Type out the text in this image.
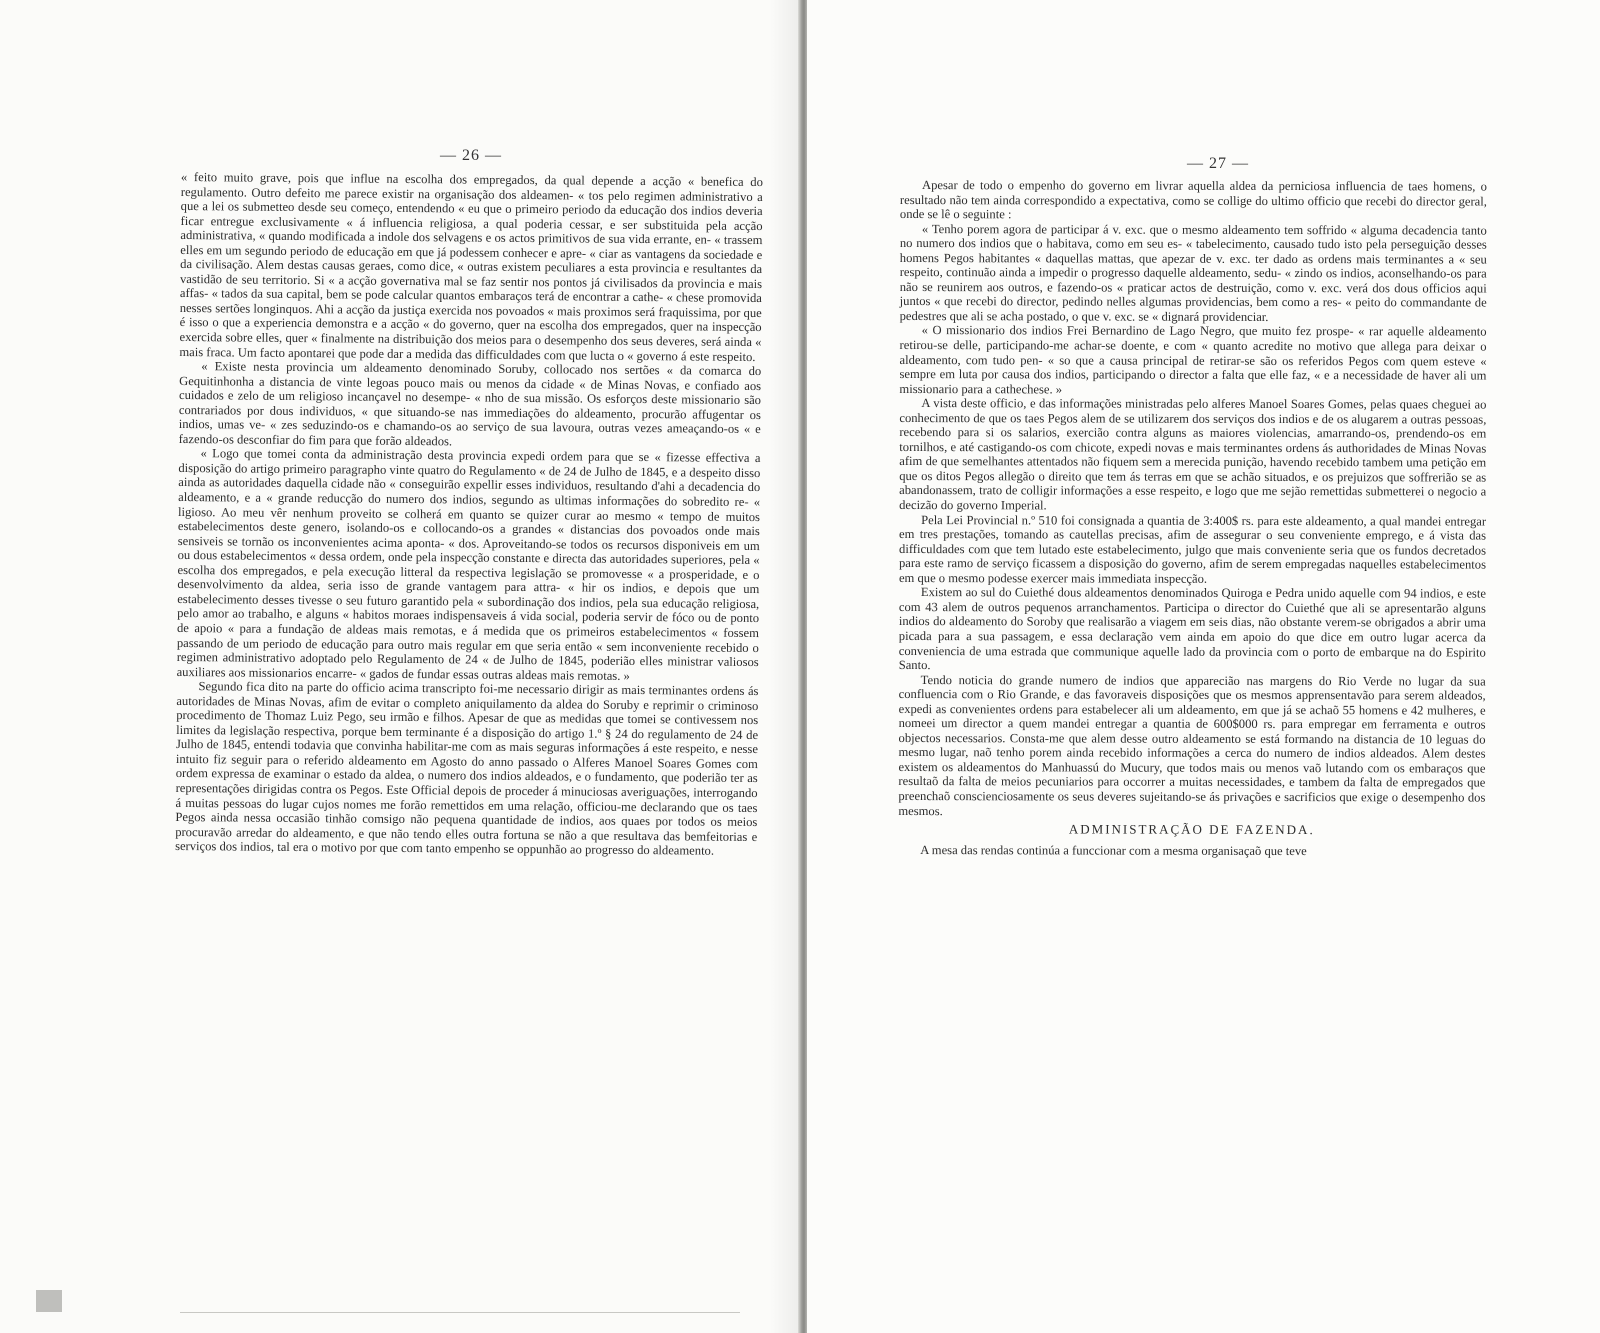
— 26 —

« feito muito grave, pois que influe na escolha dos empregados, da qual depende a acção « benefica do regulamento. Outro defeito me parece existir na organisação dos aldeamen- « tos pelo regimen administrativo a que a lei os submetteo desde seu começo, entendendo « eu que o primeiro periodo da educação dos indios deveria ficar entregue exclusivamente « á influencia religiosa, a qual poderia cessar, e ser substituida pela acção administrativa, « quando modificada a indole dos selvagens e os actos primitivos de sua vida errante, en- « trassem elles em um segundo periodo de educação em que já podessem conhecer e apre- « ciar as vantagens da sociedade e da civilisação. Alem destas causas geraes, como dice, « outras existem peculiares a esta provincia e resultantes da vastidão de seu territorio. Si « a acção governativa mal se faz sentir nos pontos já civilisados da provincia e mais affas- « tados da sua capital, bem se pode calcular quantos embaraços terá de encontrar a cathe- « chese promovida nesses sertões longinquos. Ahi a acção da justiça exercida nos povoados « mais proximos será fraquissima, por que é isso o que a experiencia demonstra e a acção « do governo, quer na escolha dos empregados, quer na inspecção exercida sobre elles, quer « finalmente na distribuição dos meios para o desempenho dos seus deveres, será ainda « mais fraca. Um facto apontarei que pode dar a medida das difficuldades com que lucta o « governo á este respeito.

« Existe nesta provincia um aldeamento denominado Soruby, collocado nos sertões « da comarca do Gequitinhonha a distancia de vinte legoas pouco mais ou menos da cidade « de Minas Novas, e confiado aos cuidados e zelo de um religioso incançavel no desempe- « nho de sua missão. Os esforços deste missionario são contrariados por dous individuos, « que situando-se nas immediações do aldeamento, procurão affugentar os indios, umas ve- « zes seduzindo-os e chamando-os ao serviço de sua lavoura, outras vezes ameaçando-os « e fazendo-os desconfiar do fim para que forão aldeados.

« Logo que tomei conta da administração desta provincia expedi ordem para que se « fizesse effectiva a disposição do artigo primeiro paragrapho vinte quatro do Regulamento « de 24 de Julho de 1845, e a despeito disso ainda as autoridades daquella cidade não « conseguirão expellir esses individuos, resultando d'ahi a decadencia do aldeamento, e a « grande reducção do numero dos indios, segundo as ultimas informações do sobredito re- « ligioso. Ao meu vêr nenhum proveito se colherá em quanto se quizer curar ao mesmo « tempo de muitos estabelecimentos deste genero, isolando-os e collocando-os a grandes « distancias dos povoados onde mais sensiveis se tornão os inconvenientes acima aponta- « dos. Aproveitando-se todos os recursos disponiveis em um ou dous estabelecimentos « dessa ordem, onde pela inspecção constante e directa das autoridades superiores, pela « escolha dos empregados, e pela execução litteral da respectiva legislação se promovesse « a prosperidade, e o desenvolvimento da aldea, seria isso de grande vantagem para attra- « hir os indios, e depois que um estabelecimento desses tivesse o seu futuro garantido pela « subordinação dos indios, pela sua educação religiosa, pelo amor ao trabalho, e alguns « habitos moraes indispensaveis á vida social, poderia servir de fóco ou de ponto de apoio « para a fundação de aldeas mais remotas, e á medida que os primeiros estabelecimentos « fossem passando de um periodo de educação para outro mais regular em que seria então « sem inconveniente recebido o regimen administrativo adoptado pelo Regulamento de 24 « de Julho de 1845, poderião elles ministrar valiosos auxiliares aos missionarios encarre- « gados de fundar essas outras aldeas mais remotas. »

Segundo fica dito na parte do officio acima transcripto foi-me necessario dirigir as mais terminantes ordens ás autoridades de Minas Novas, afim de evitar o completo aniquilamento da aldea do Soruby e reprimir o criminoso procedimento de Thomaz Luiz Pego, seu irmão e filhos. Apesar de que as medidas que tomei se contivessem nos limites da legislação respectiva, porque bem terminante é a disposição do artigo 1.º § 24 do regulamento de 24 de Julho de 1845, entendi todavia que convinha habilitar-me com as mais seguras informações á este respeito, e nesse intuito fiz seguir para o referido aldeamento em Agosto do anno passado o Alferes Manoel Soares Gomes com ordem expressa de examinar o estado da aldea, o numero dos indios aldeados, e o fundamento, que poderião ter as representações dirigidas contra os Pegos. Este Official depois de proceder á minuciosas averiguações, interrogando á muitas pessoas do lugar cujos nomes me forão remettidos em uma relação, officiou-me declarando que os taes Pegos ainda nessa occasião tinhão comsigo não pequena quantidade de indios, aos quaes por todos os meios procuravão arredar do aldeamento, e que não tendo elles outra fortuna se não a que resultava das bemfeitorias e serviços dos indios, tal era o motivo por que com tanto empenho se oppunhão ao progresso do aldeamento.

— 27 —

Apesar de todo o empenho do governo em livrar aquella aldea da perniciosa influencia de taes homens, o resultado não tem ainda correspondido a expectativa, como se collige do ultimo officio que recebi do director geral, onde se lê o seguinte :

« Tenho porem agora de participar á v. exc. que o mesmo aldeamento tem soffrido « alguma decadencia tanto no numero dos indios que o habitava, como em seu es- « tabelecimento, causado tudo isto pela perseguição desses homens Pegos habitantes « daquellas mattas, que apezar de v. exc. ter dado as ordens mais terminantes a « seu respeito, continuão ainda a impedir o progresso daquelle aldeamento, sedu- « zindo os indios, aconselhando-os para não se reunirem aos outros, e fazendo-os « praticar actos de destruição, como v. exc. verá dos dous officios aqui juntos « que recebi do director, pedindo nelles algumas providencias, bem como a res- « peito do commandante de pedestres que ali se acha postado, o que v. exc. se « dignará providenciar.

« O missionario dos indios Frei Bernardino de Lago Negro, que muito fez prospe- « rar aquelle aldeamento retirou-se delle, participando-me achar-se doente, e com « quanto acredite no motivo que allega para deixar o aldeamento, com tudo pen- « so que a causa principal de retirar-se são os referidos Pegos com quem esteve « sempre em luta por causa dos indios, participando o director a falta que elle faz, « e a necessidade de haver ali um missionario para a cathechese. »

A vista deste officio, e das informações ministradas pelo alferes Manoel Soares Gomes, pelas quaes cheguei ao conhecimento de que os taes Pegos alem de se utilizarem dos serviços dos indios e de os alugarem a outras pessoas, recebendo para si os salarios, exercião contra alguns as maiores violencias, amarrando-os, prendendo-os em tornilhos, e até castigando-os com chicote, expedi novas e mais terminantes ordens ás authoridades de Minas Novas afim de que semelhantes attentados não fiquem sem a merecida punição, havendo recebido tambem uma petição em que os ditos Pegos allegão o direito que tem ás terras em que se achão situados, e os prejuizos que soffrerião se as abandonassem, trato de colligir informações a esse respeito, e logo que me sejão remettidas submetterei o negocio a decizão do governo Imperial.

Pela Lei Provincial n.º 510 foi consignada a quantia de 3:400$ rs. para este aldeamento, a qual mandei entregar em tres prestações, tomando as cautellas precisas, afim de assegurar o seu conveniente emprego, e á vista das difficuldades com que tem lutado este estabelecimento, julgo que mais conveniente seria que os fundos decretados para este ramo de serviço ficassem a disposição do governo, afim de serem empregadas naquelles estabelecimentos em que o mesmo podesse exercer mais immediata inspecção.

Existem ao sul do Cuiethé dous aldeamentos denominados Quiroga e Pedra unido aquelle com 94 indios, e este com 43 alem de outros pequenos arranchamentos. Participa o director do Cuiethé que ali se apresentarão alguns indios do aldeamento do Soroby que realisarão a viagem em seis dias, não obstante verem-se obrigados a abrir uma picada para a sua passagem, e essa declaração vem ainda em apoio do que dice em outro lugar acerca da conveniencia de uma estrada que communique aquelle lado da provincia com o porto de embarque na do Espirito Santo.

Tendo noticia do grande numero de indios que apparecião nas margens do Rio Verde no lugar da sua confluencia com o Rio Grande, e das favoraveis disposições que os mesmos apprensentavão para serem aldeados, expedi as convenientes ordens para estabelecer ali um aldeamento, em que já se achaõ 55 homens e 42 mulheres, e nomeei um director a quem mandei entregar a quantia de 600$000 rs. para empregar em ferramenta e outros objectos necessarios. Consta-me que alem desse outro aldeamento se está formando na distancia de 10 leguas do mesmo lugar, naõ tenho porem ainda recebido informações a cerca do numero de indios aldeados. Alem destes existem os aldeamentos do Manhuassú do Mucury, que todos mais ou menos vaõ lutando com os embaraços que resultaõ da falta de meios pecuniarios para occorrer a muitas necessidades, e tambem da falta de empregados que preenchaõ conscienciosamente os seus deveres sujeitando-se ás privações e sacrificios que exige o desempenho dos mesmos.

ADMINISTRAÇÃO DE FAZENDA.

A mesa das rendas continúa a funccionar com a mesma organisaçaõ que teve
